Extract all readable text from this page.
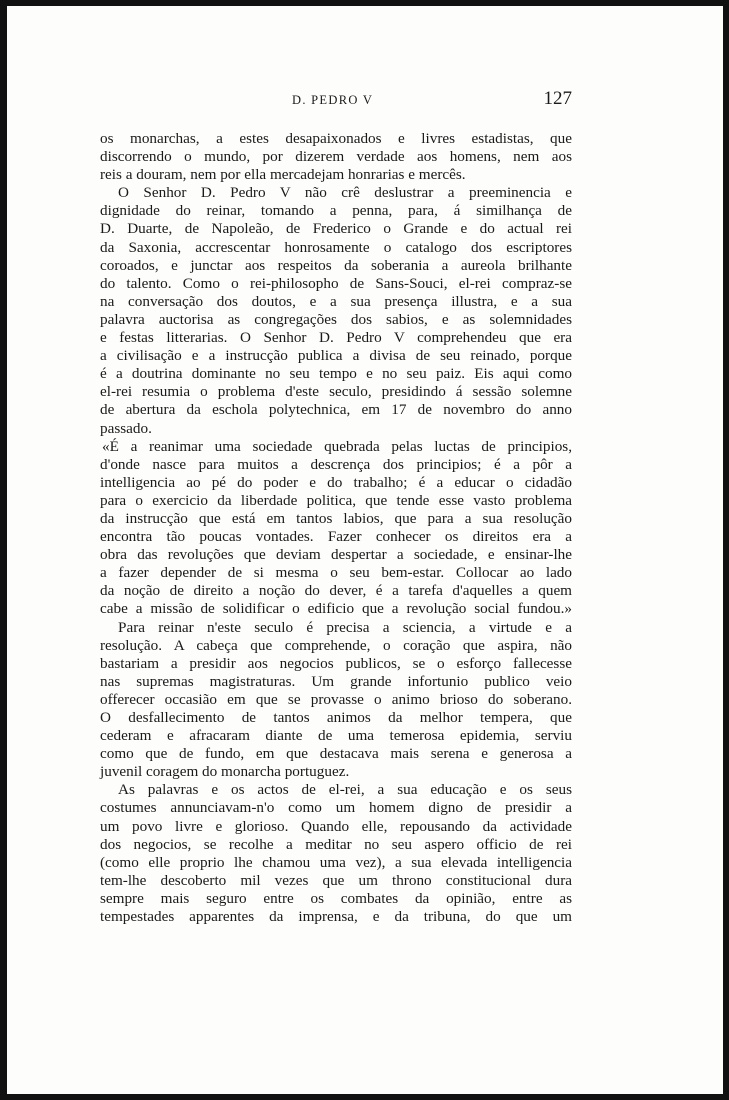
D. PEDRO V	127
os monarchas, a estes desapaixonados e livres estadistas, que
discorrendo o mundo, por dizerem verdade aos homens, nem aos
reis a douram, nem por ella mercadejam honrarias e mercês.
O Senhor D. Pedro V não crê deslustrar a preeminencia e
dignidade do reinar, tomando a penna, para, á similhança de
D. Duarte, de Napoleão, de Frederico o Grande e do actual rei
da Saxonia, accrescentar honrosamente o catalogo dos escriptores
coroados, e junctar aos respeitos da soberania a aureola brilhante
do talento. Como o rei-philosopho de Sans-Souci, el-rei compraz-se
na conversação dos doutos, e a sua presença illustra, e a sua
palavra auctorisa as congregações dos sabios, e as solemnidades
e festas litterarias. O Senhor D. Pedro V comprehendeu que era
a civilisação e a instrucção publica a divisa de seu reinado, porque
é a doutrina dominante no seu tempo e no seu paiz. Eis aqui como
el-rei resumia o problema d'este seculo, presidindo á sessão solemne
de abertura da eschola polytechnica, em 17 de novembro do anno
passado.
«É a reanimar uma sociedade quebrada pelas luctas de principios,
d'onde nasce para muitos a descrença dos principios; é a pôr a
intelligencia ao pé do poder e do trabalho; é a educar o cidadão
para o exercicio da liberdade politica, que tende esse vasto problema
da instrucção que está em tantos labios, que para a sua resolução
encontra tão poucas vontades. Fazer conhecer os direitos era a
obra das revoluções que deviam despertar a sociedade, e ensinar-lhe
a fazer depender de si mesma o seu bem-estar. Collocar ao lado
da noção de direito a noção do dever, é a tarefa d'aquelles a quem
cabe a missão de solidificar o edificio que a revolução social fundou.»
Para reinar n'este seculo é precisa a sciencia, a virtude e a
resolução. A cabeça que comprehende, o coração que aspira, não
bastariam a presidir aos negocios publicos, se o esforço fallecesse
nas supremas magistraturas. Um grande infortunio publico veio
offerecer occasião em que se provasse o animo brioso do soberano.
O desfallecimento de tantos animos da melhor tempera, que
cederam e afracaram diante de uma temerosa epidemia, serviu
como que de fundo, em que destacava mais serena e generosa a
juvenil coragem do monarcha portuguez.
As palavras e os actos de el-rei, a sua educação e os seus
costumes annunciavam-n'o como um homem digno de presidir a
um povo livre e glorioso. Quando elle, repousando da actividade
dos negocios, se recolhe a meditar no seu aspero officio de rei
(como elle proprio lhe chamou uma vez), a sua elevada intelligencia
tem-lhe descoberto mil vezes que um throno constitucional dura
sempre mais seguro entre os combates da opinião, entre as
tempestades apparentes da imprensa, e da tribuna, do que um
